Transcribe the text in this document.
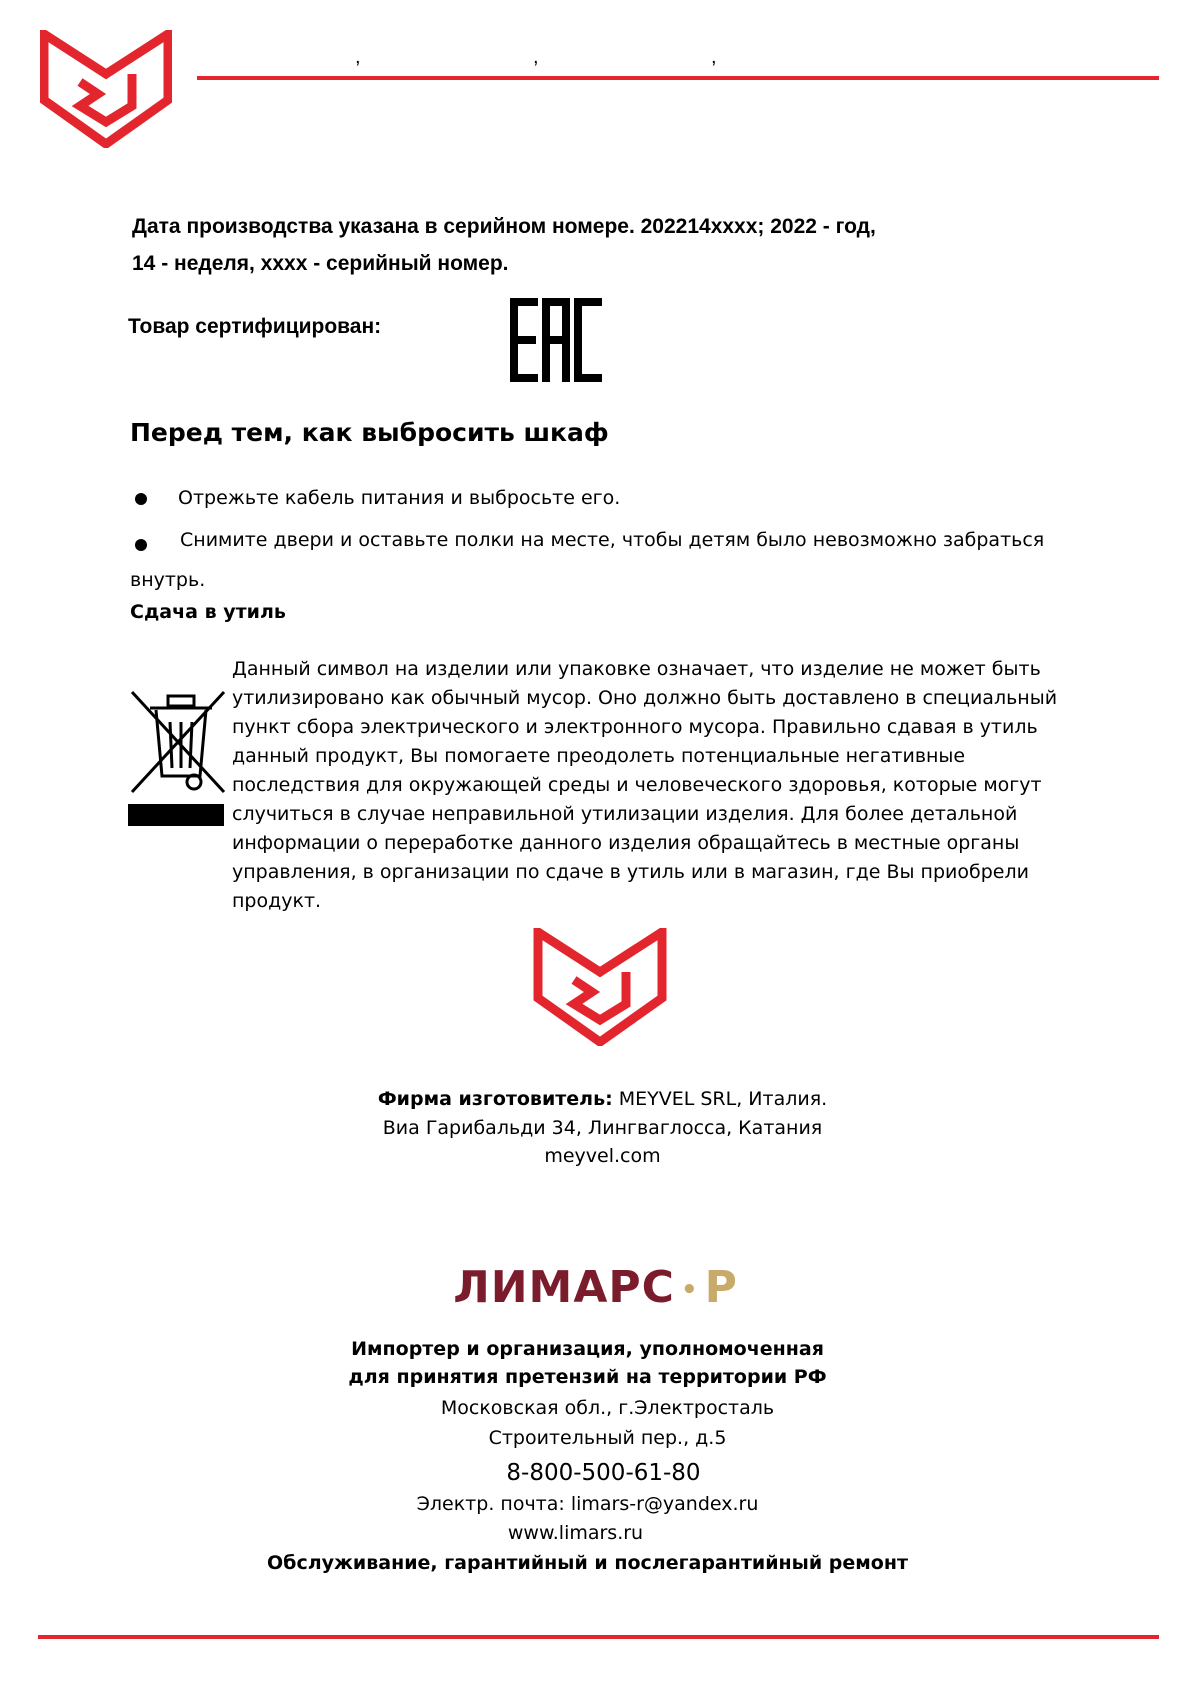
,	,	,
Дата производства указана в серийном номере. 202214хххх; 2022 - год,
14 - неделя, хххх - серийный номер.
Товар сертифицирован:
Перед тем, как выбросить шкаф
Отрежьте кабель питания и выбросьте его.
Снимите двери и оставьте полки на месте, чтобы детям было невозможно забраться
внутрь.
Сдача в утиль
Данный символ на изделии или упаковке означает, что изделие не может быть
утилизировано как обычный мусор. Оно должно быть доставлено в специальный
пункт сбора электрического и электронного мусора. Правильно сдавая в утиль
данный продукт, Вы помогаете преодолеть потенциальные негативные
последствия для окружающей среды и человеческого здоровья, которые могут
случиться в случае неправильной утилизации изделия. Для более детальной
информации о переработке данного изделия обращайтесь в местные органы
управления, в организации по сдаче в утиль или в магазин, где Вы приобрели
продукт.
Фирма изготовитель: MEYVEL SRL, Италия.
Виа Гарибальди 34, Лингваглосса, Катания
meyvel.com
ЛИМАРС • Р
Импортер и организация, уполномоченная
для принятия претензий на территории РФ
Московская обл., г.Электросталь
Строительный пер., д.5
8-800-500-61-80
Электр. почта: limars-r@yandex.ru
www.limars.ru
Обслуживание, гарантийный и послегарантийный ремонт
